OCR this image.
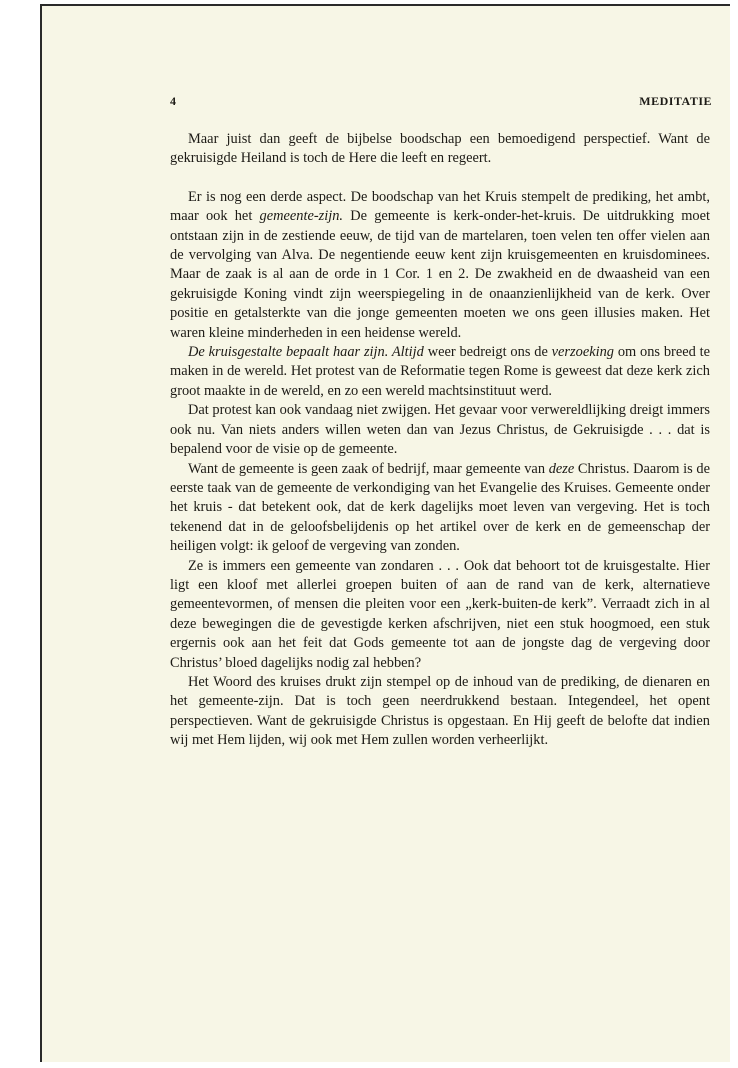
4	MEDITATIE

Maar juist dan geeft de bijbelse boodschap een bemoedigend perspectief. Want de gekruisigde Heiland is toch de Here die leeft en regeert.

Er is nog een derde aspect. De boodschap van het Kruis stempelt de prediking, het ambt, maar ook het gemeente-zijn. De gemeente is kerk-onder-het-kruis. De uitdrukking moet ontstaan zijn in de zestiende eeuw, de tijd van de martelaren, toen velen ten offer vielen aan de vervolging van Alva. De negentiende eeuw kent zijn kruisgemeenten en kruisdominees. Maar de zaak is al aan de orde in 1 Cor. 1 en 2. De zwakheid en de dwaasheid van een gekruisigde Koning vindt zijn weerspiegeling in de onaanzienlijkheid van de kerk. Over positie en getalsterkte van die jonge gemeenten moeten we ons geen illusies maken. Het waren kleine minderheden in een heidense wereld.

De kruisgestalte bepaalt haar zijn. Altijd weer bedreigt ons de verzoeking om ons breed te maken in de wereld. Het protest van de Reformatie tegen Rome is geweest dat deze kerk zich groot maakte in de wereld, en zo een wereld machtsinstituut werd.

Dat protest kan ook vandaag niet zwijgen. Het gevaar voor verwereldlijking dreigt immers ook nu. Van niets anders willen weten dan van Jezus Christus, de Gekruisigde . . . dat is bepalend voor de visie op de gemeente.

Want de gemeente is geen zaak of bedrijf, maar gemeente van deze Christus. Daarom is de eerste taak van de gemeente de verkondiging van het Evangelie des Kruises. Gemeente onder het kruis - dat betekent ook, dat de kerk dagelijks moet leven van vergeving. Het is toch tekenend dat in de geloofsbelijdenis op het artikel over de kerk en de gemeenschap der heiligen volgt: ik geloof de vergeving van zonden.

Ze is immers een gemeente van zondaren . . . Ook dat behoort tot de kruisgestalte. Hier ligt een kloof met allerlei groepen buiten of aan de rand van de kerk, alternatieve gemeentevormen, of mensen die pleiten voor een „kerk-buiten-de kerk”. Verraadt zich in al deze bewegingen die de gevestigde kerken afschrijven, niet een stuk hoogmoed, een stuk ergernis ook aan het feit dat Gods gemeente tot aan de jongste dag de vergeving door Christus’ bloed dagelijks nodig zal hebben?

Het Woord des kruises drukt zijn stempel op de inhoud van de prediking, de dienaren en het gemeente-zijn. Dat is toch geen neerdrukkend bestaan. Integendeel, het opent perspectieven. Want de gekruisigde Christus is opgestaan. En Hij geeft de belofte dat indien wij met Hem lijden, wij ook met Hem zullen worden verheerlijkt.
